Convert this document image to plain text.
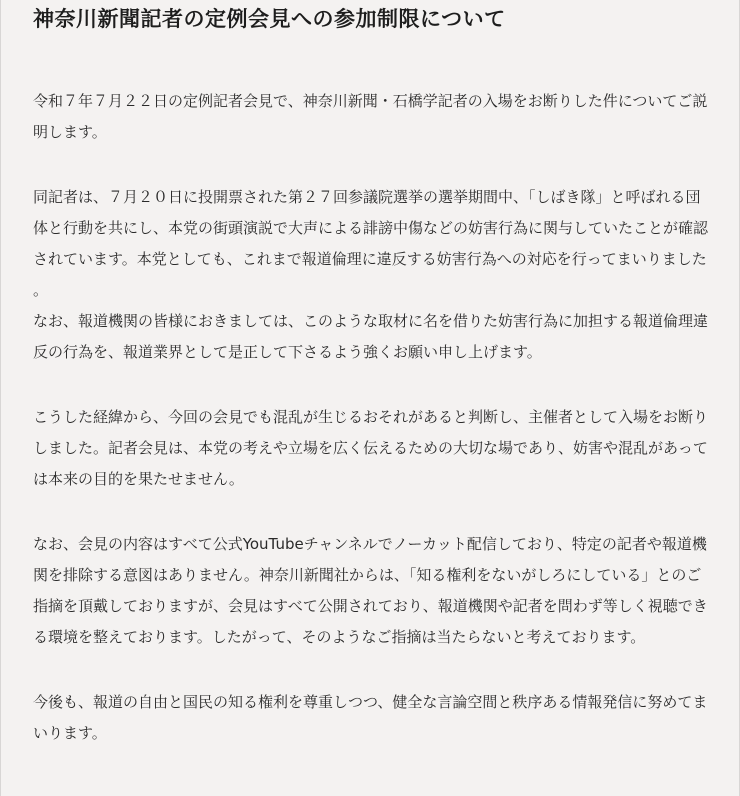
神奈川新聞記者の定例会見への参加制限について

令和７年７月２２日の定例記者会見で、神奈川新聞・石橋学記者の入場をお断りした件についてご説
明します。

同記者は、７月２０日に投開票された第２７回参議院選挙の選挙期間中、「しばき隊」と呼ばれる団
体と行動を共にし、本党の街頭演説で大声による誹謗中傷などの妨害行為に関与していたことが確認
されています。本党としても、これまで報道倫理に違反する妨害行為への対応を行ってまいりました
。

なお、報道機関の皆様におきましては、このような取材に名を借りた妨害行為に加担する報道倫理違
反の行為を、報道業界として是正して下さるよう強くお願い申し上げます。

こうした経緯から、今回の会見でも混乱が生じるおそれがあると判断し、主催者として入場をお断り
しました。記者会見は、本党の考えや立場を広く伝えるための大切な場であり、妨害や混乱があって
は本来の目的を果たせません。

なお、会見の内容はすべて公式YouTubeチャンネルでノーカット配信しており、特定の記者や報道機
関を排除する意図はありません。神奈川新聞社からは、「知る権利をないがしろにしている」とのご
指摘を頂戴しておりますが、会見はすべて公開されており、報道機関や記者を問わず等しく視聴でき
る環境を整えております。したがって、そのようなご指摘は当たらないと考えております。

今後も、報道の自由と国民の知る権利を尊重しつつ、健全な言論空間と秩序ある情報発信に努めてま
いります。
